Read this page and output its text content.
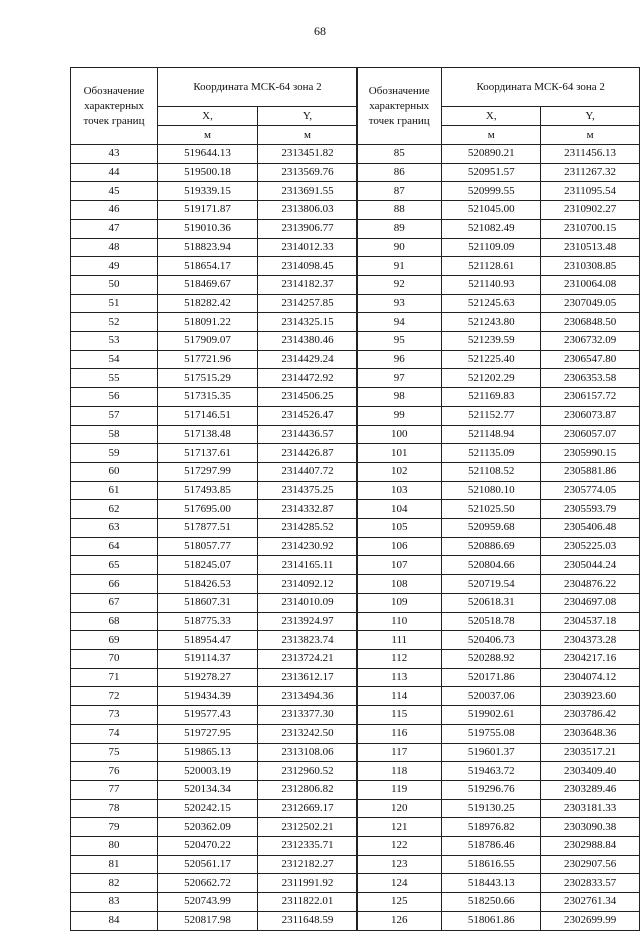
68
Обозначение характерных точек границ	Координата МСК-64 зона 2	
	X,	Y,
	м	м
43	519644.13	2313451.82
44	519500.18	2313569.76
45	519339.15	2313691.55
46	519171.87	2313806.03
47	519010.36	2313906.77
48	518823.94	2314012.33
49	518654.17	2314098.45
50	518469.67	2314182.37
51	518282.42	2314257.85
52	518091.22	2314325.15
53	517909.07	2314380.46
54	517721.96	2314429.24
55	517515.29	2314472.92
56	517315.35	2314506.25
57	517146.51	2314526.47
58	517138.48	2314436.57
59	517137.61	2314426.87
60	517297.99	2314407.72
61	517493.85	2314375.25
62	517695.00	2314332.87
63	517877.51	2314285.52
64	518057.77	2314230.92
65	518245.07	2314165.11
66	518426.53	2314092.12
67	518607.31	2314010.09
68	518775.33	2313924.97
69	518954.47	2313823.74
70	519114.37	2313724.21
71	519278.27	2313612.17
72	519434.39	2313494.36
73	519577.43	2313377.30
74	519727.95	2313242.50
75	519865.13	2313108.06
76	520003.19	2312960.52
77	520134.34	2312806.82
78	520242.15	2312669.17
79	520362.09	2312502.21
80	520470.22	2312335.71
81	520561.17	2312182.27
82	520662.72	2311991.92
83	520743.99	2311822.01
84	520817.98	2311648.59
Обозначение характерных точек границ	Координата МСК-64 зона 2	
	X,	Y,
	м	м
85	520890.21	2311456.13
86	520951.57	2311267.32
87	520999.55	2311095.54
88	521045.00	2310902.27
89	521082.49	2310700.15
90	521109.09	2310513.48
91	521128.61	2310308.85
92	521140.93	2310064.08
93	521245.63	2307049.05
94	521243.80	2306848.50
95	521239.59	2306732.09
96	521225.40	2306547.80
97	521202.29	2306353.58
98	521169.83	2306157.72
99	521152.77	2306073.87
100	521148.94	2306057.07
101	521135.09	2305990.15
102	521108.52	2305881.86
103	521080.10	2305774.05
104	521025.50	2305593.79
105	520959.68	2305406.48
106	520886.69	2305225.03
107	520804.66	2305044.24
108	520719.54	2304876.22
109	520618.31	2304697.08
110	520518.78	2304537.18
111	520406.73	2304373.28
112	520288.92	2304217.16
113	520171.86	2304074.12
114	520037.06	2303923.60
115	519902.61	2303786.42
116	519755.08	2303648.36
117	519601.37	2303517.21
118	519463.72	2303409.40
119	519296.76	2303289.46
120	519130.25	2303181.33
121	518976.82	2303090.38
122	518786.46	2302988.84
123	518616.55	2302907.56
124	518443.13	2302833.57
125	518250.66	2302761.34
126	518061.86	2302699.99
